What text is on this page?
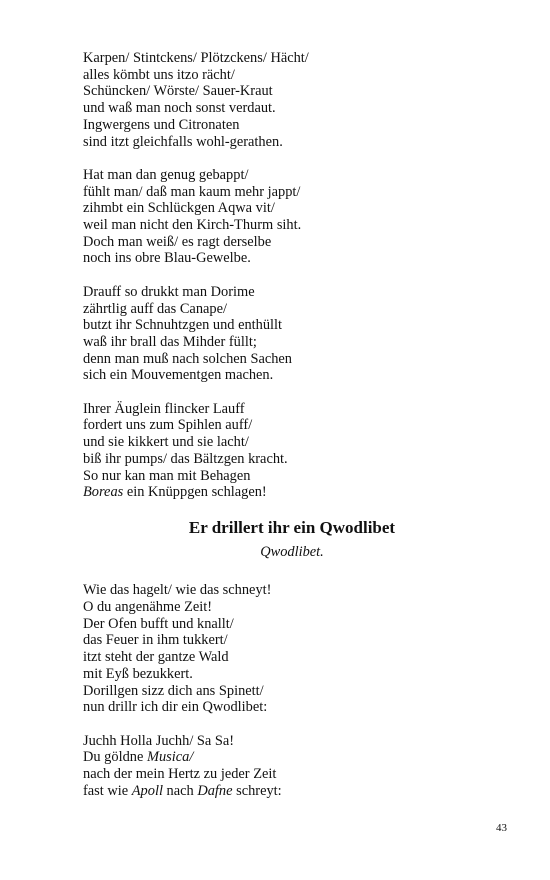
Karpen/ Stintckens/ Plötzckens/ Hächt/
alles kömbt uns itzo rächt/
Schüncken/ Wörste/ Sauer-Kraut
und waß man noch sonst verdaut.
Ingwergens und Citronaten
sind itzt gleichfalls wohl-gerathen.
Hat man dan genug gebappt/
fühlt man/ daß man kaum mehr jappt/
zihmbt ein Schlückgen Aqwa vit/
weil man nicht den Kirch-Thurm siht.
Doch man weiß/ es ragt derselbe
noch ins obre Blau-Gewelbe.
Drauff so drukkt man Dorime
zährtlig auff das Canape/
butzt ihr Schnuhtzgen und enthüllt
waß ihr brall das Mihder füllt;
denn man muß nach solchen Sachen
sich ein Mouvementgen machen.
Ihrer Äuglein flincker Lauff
fordert uns zum Spihlen auff/
und sie kikkert und sie lacht/
biß ihr pumps/ das Bältzgen kracht.
So nur kan man mit Behagen
Boreas ein Knüppgen schlagen!
Er drillert ihr ein Qwodlibet
Qwodlibet.
Wie das hagelt/ wie das schneyt!
O du angenähme Zeit!
Der Ofen bufft und knallt/
das Feuer in ihm tukkert/
itzt steht der gantze Wald
mit Eyß bezukkert.
Dorillgen sizz dich ans Spinett/
nun drillr ich dir ein Qwodlibet:
Juchh Holla Juchh/ Sa Sa!
Du göldne Musica/
nach der mein Hertz zu jeder Zeit
fast wie Apoll nach Dafne schreyt:
43
